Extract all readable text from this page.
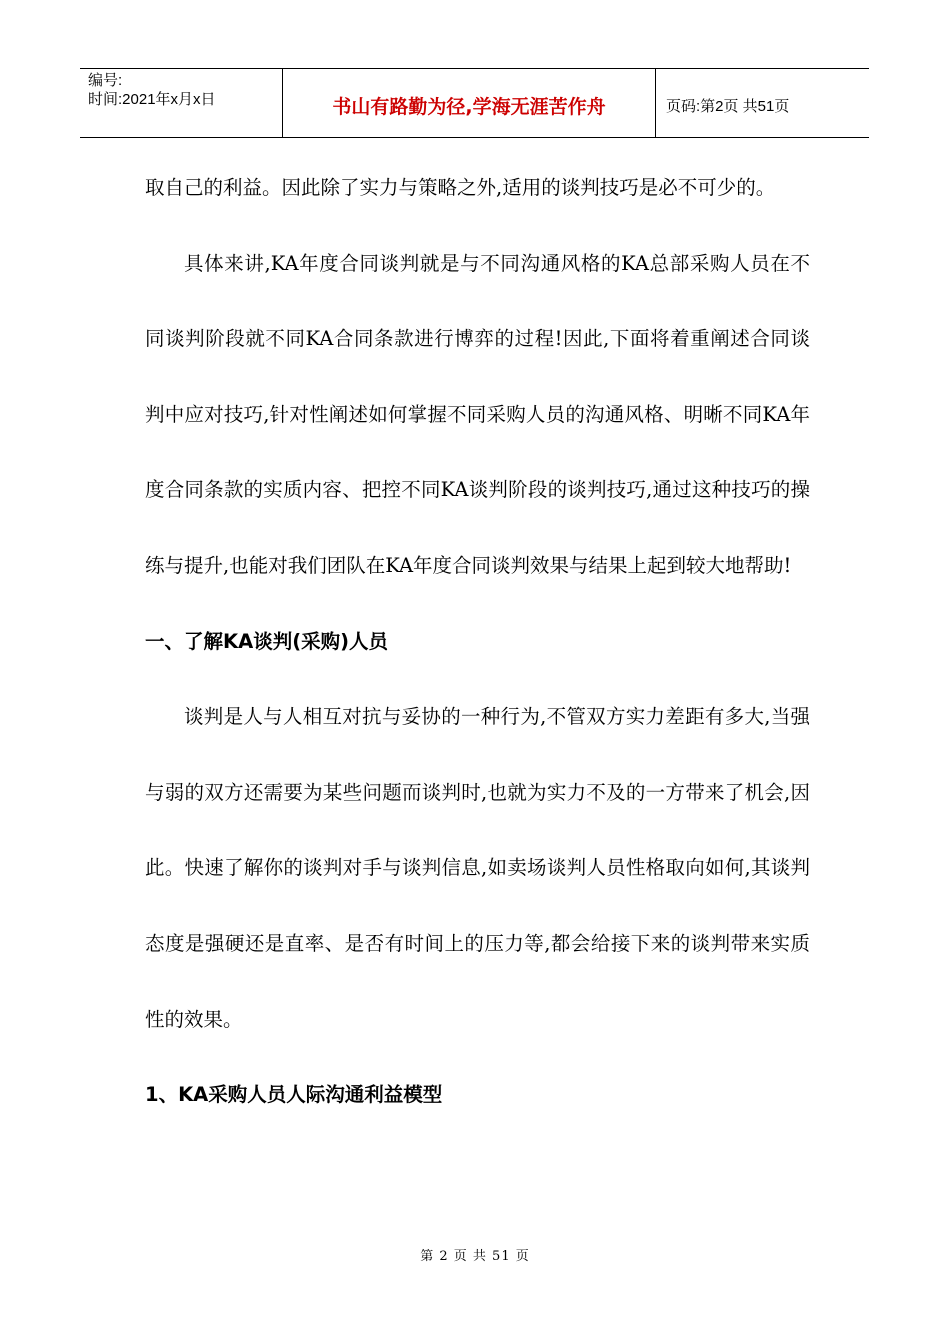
编号:
时间:2021年x月x日	书山有路勤为径,学海无涯苦作舟	页码:第2页 共51页

取自己的利益。因此除了实力与策略之外,适用的谈判技巧是必不可少的。

具体来讲,KA年度合同谈判就是与不同沟通风格的KA总部采购人员在不同谈判阶段就不同KA合同条款进行博弈的过程!因此,下面将着重阐述合同谈判中应对技巧,针对性阐述如何掌握不同采购人员的沟通风格、明晰不同KA年度合同条款的实质内容、把控不同KA谈判阶段的谈判技巧,通过这种技巧的操练与提升,也能对我们团队在KA年度合同谈判效果与结果上起到较大地帮助!

一、了解KA谈判(采购)人员

谈判是人与人相互对抗与妥协的一种行为,不管双方实力差距有多大,当强与弱的双方还需要为某些问题而谈判时,也就为实力不及的一方带来了机会,因此。快速了解你的谈判对手与谈判信息,如卖场谈判人员性格取向如何,其谈判态度是强硬还是直率、是否有时间上的压力等,都会给接下来的谈判带来实质性的效果。

1、KA采购人员人际沟通利益模型
第 2 页 共 51 页
